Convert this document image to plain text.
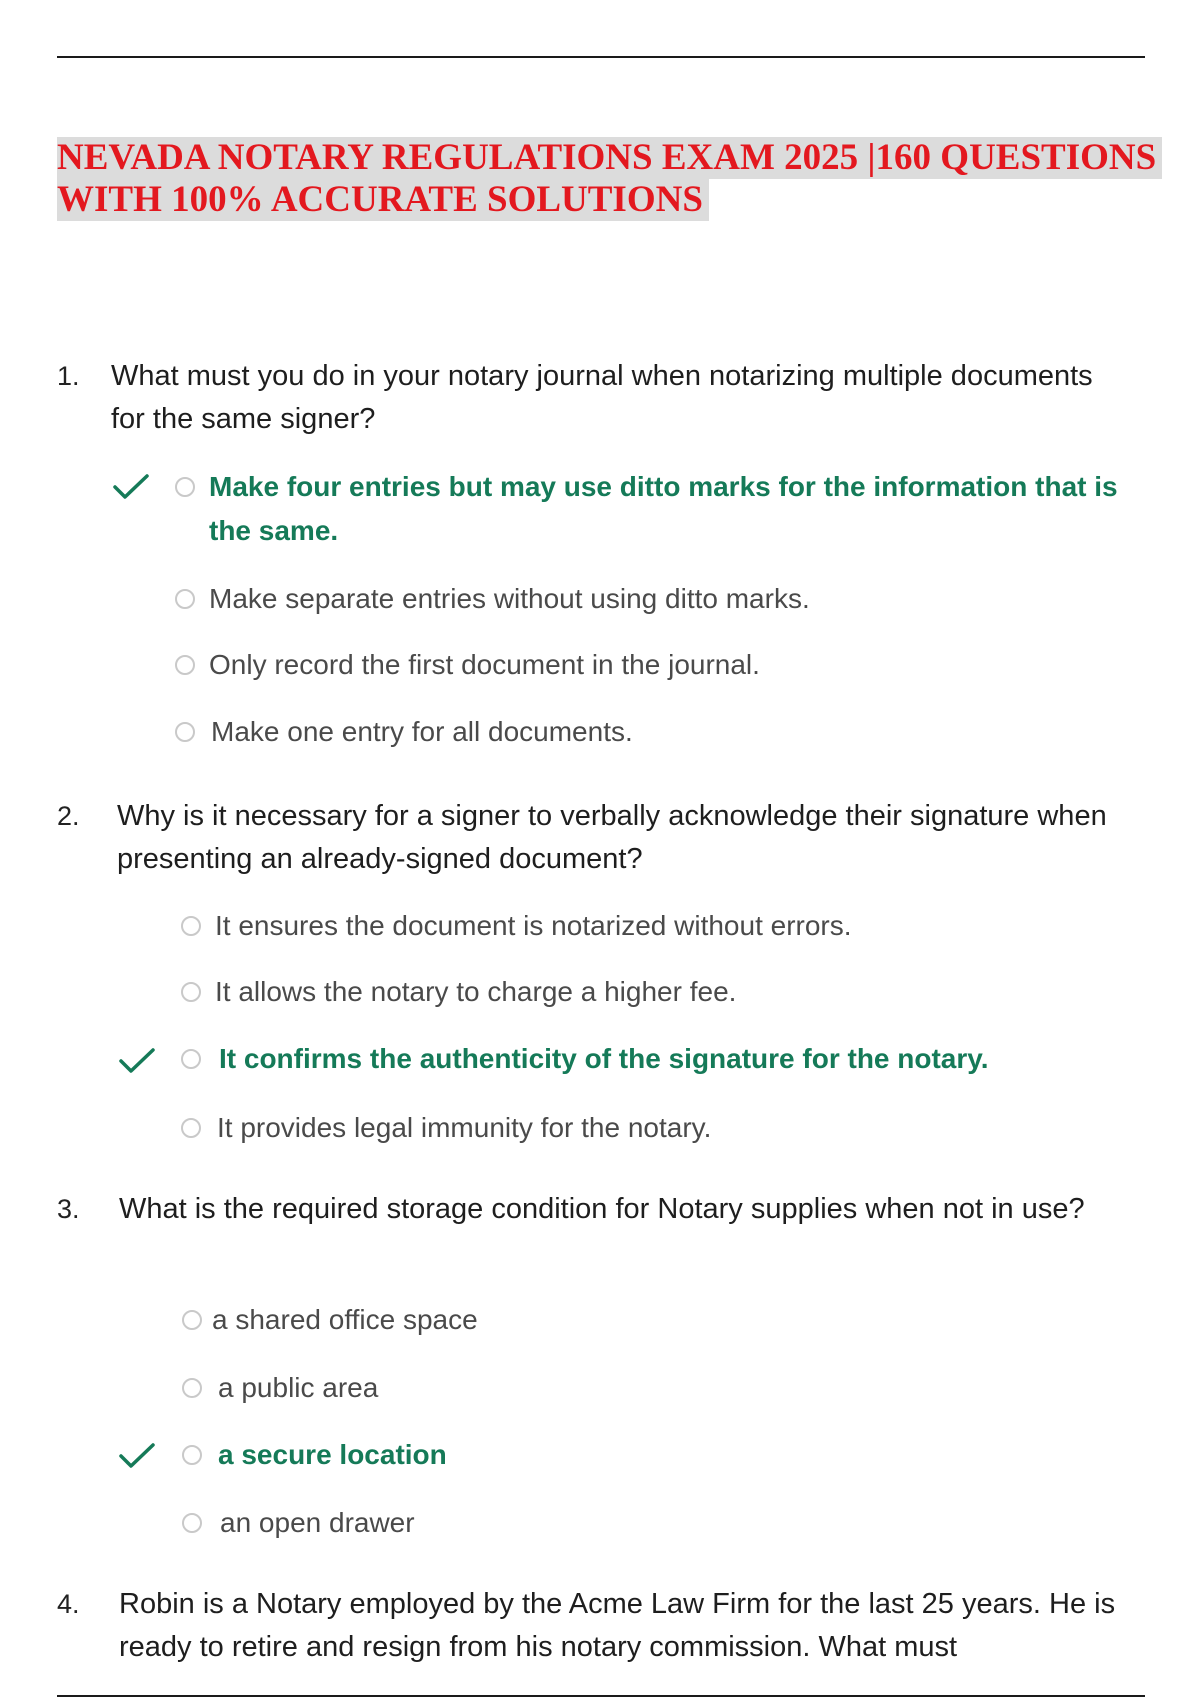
NEVADA NOTARY REGULATIONS EXAM 2025 |160 QUESTIONS
WITH 100% ACCURATE SOLUTIONS
1. What must you do in your notary journal when notarizing multiple documents for the same signer?
Make four entries but may use ditto marks for the information that is the same.
Make separate entries without using ditto marks.
Only record the first document in the journal.
Make one entry for all documents.
2. Why is it necessary for a signer to verbally acknowledge their signature when presenting an already-signed document?
It ensures the document is notarized without errors.
It allows the notary to charge a higher fee.
It confirms the authenticity of the signature for the notary.
It provides legal immunity for the notary.
3. What is the required storage condition for Notary supplies when not in use?
a shared office space
a public area
a secure location
an open drawer
4. Robin is a Notary employed by the Acme Law Firm for the last 25 years. He is ready to retire and resign from his notary commission. What must
